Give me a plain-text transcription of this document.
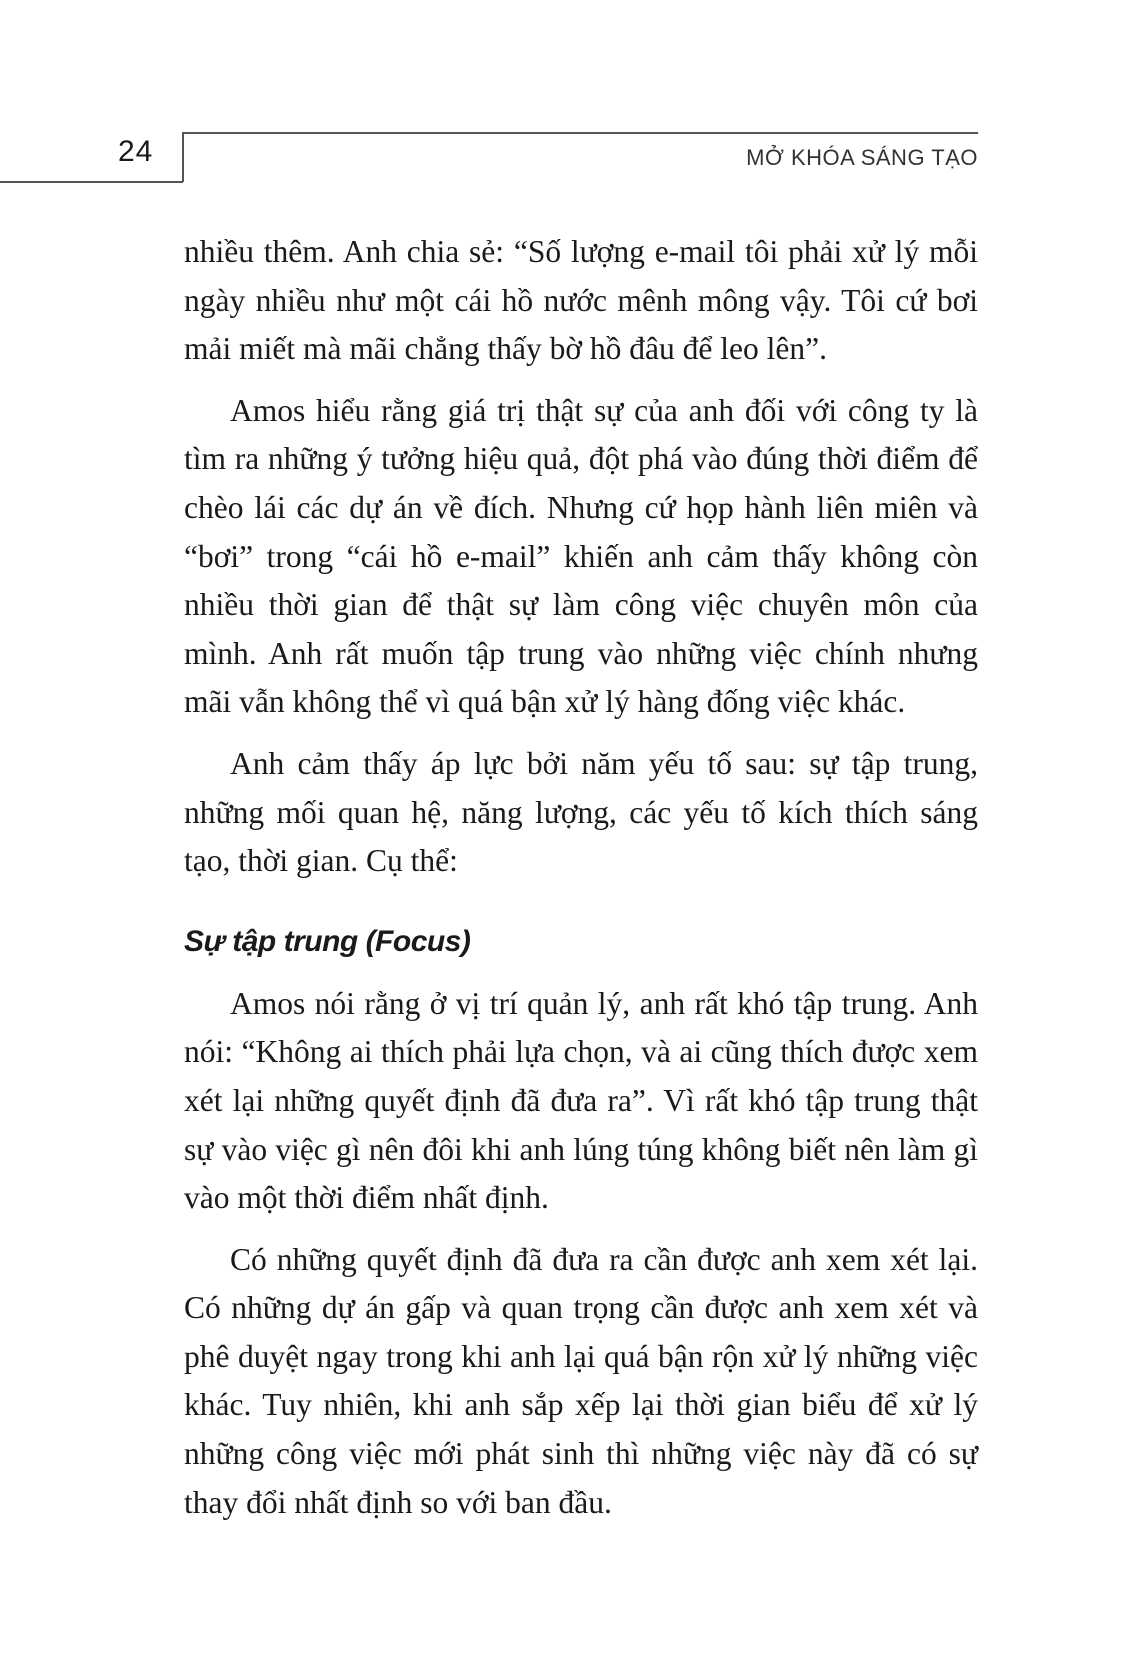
24	MỞ KHÓA SÁNG TẠO

nhiều thêm. Anh chia sẻ: “Số lượng e-mail tôi phải xử lý mỗi ngày nhiều như một cái hồ nước mênh mông vậy. Tôi cứ bơi mải miết mà mãi chẳng thấy bờ hồ đâu để leo lên”.

Amos hiểu rằng giá trị thật sự của anh đối với công ty là tìm ra những ý tưởng hiệu quả, đột phá vào đúng thời điểm để chèo lái các dự án về đích. Nhưng cứ họp hành liên miên và “bơi” trong “cái hồ e-mail” khiến anh cảm thấy không còn nhiều thời gian để thật sự làm công việc chuyên môn của mình. Anh rất muốn tập trung vào những việc chính nhưng mãi vẫn không thể vì quá bận xử lý hàng đống việc khác.

Anh cảm thấy áp lực bởi năm yếu tố sau: sự tập trung, những mối quan hệ, năng lượng, các yếu tố kích thích sáng tạo, thời gian. Cụ thể:

Sự tập trung (Focus)

Amos nói rằng ở vị trí quản lý, anh rất khó tập trung. Anh nói: “Không ai thích phải lựa chọn, và ai cũng thích được xem xét lại những quyết định đã đưa ra”. Vì rất khó tập trung thật sự vào việc gì nên đôi khi anh lúng túng không biết nên làm gì vào một thời điểm nhất định.

Có những quyết định đã đưa ra cần được anh xem xét lại. Có những dự án gấp và quan trọng cần được anh xem xét và phê duyệt ngay trong khi anh lại quá bận rộn xử lý những việc khác. Tuy nhiên, khi anh sắp xếp lại thời gian biểu để xử lý những công việc mới phát sinh thì những việc này đã có sự thay đổi nhất định so với ban đầu.
